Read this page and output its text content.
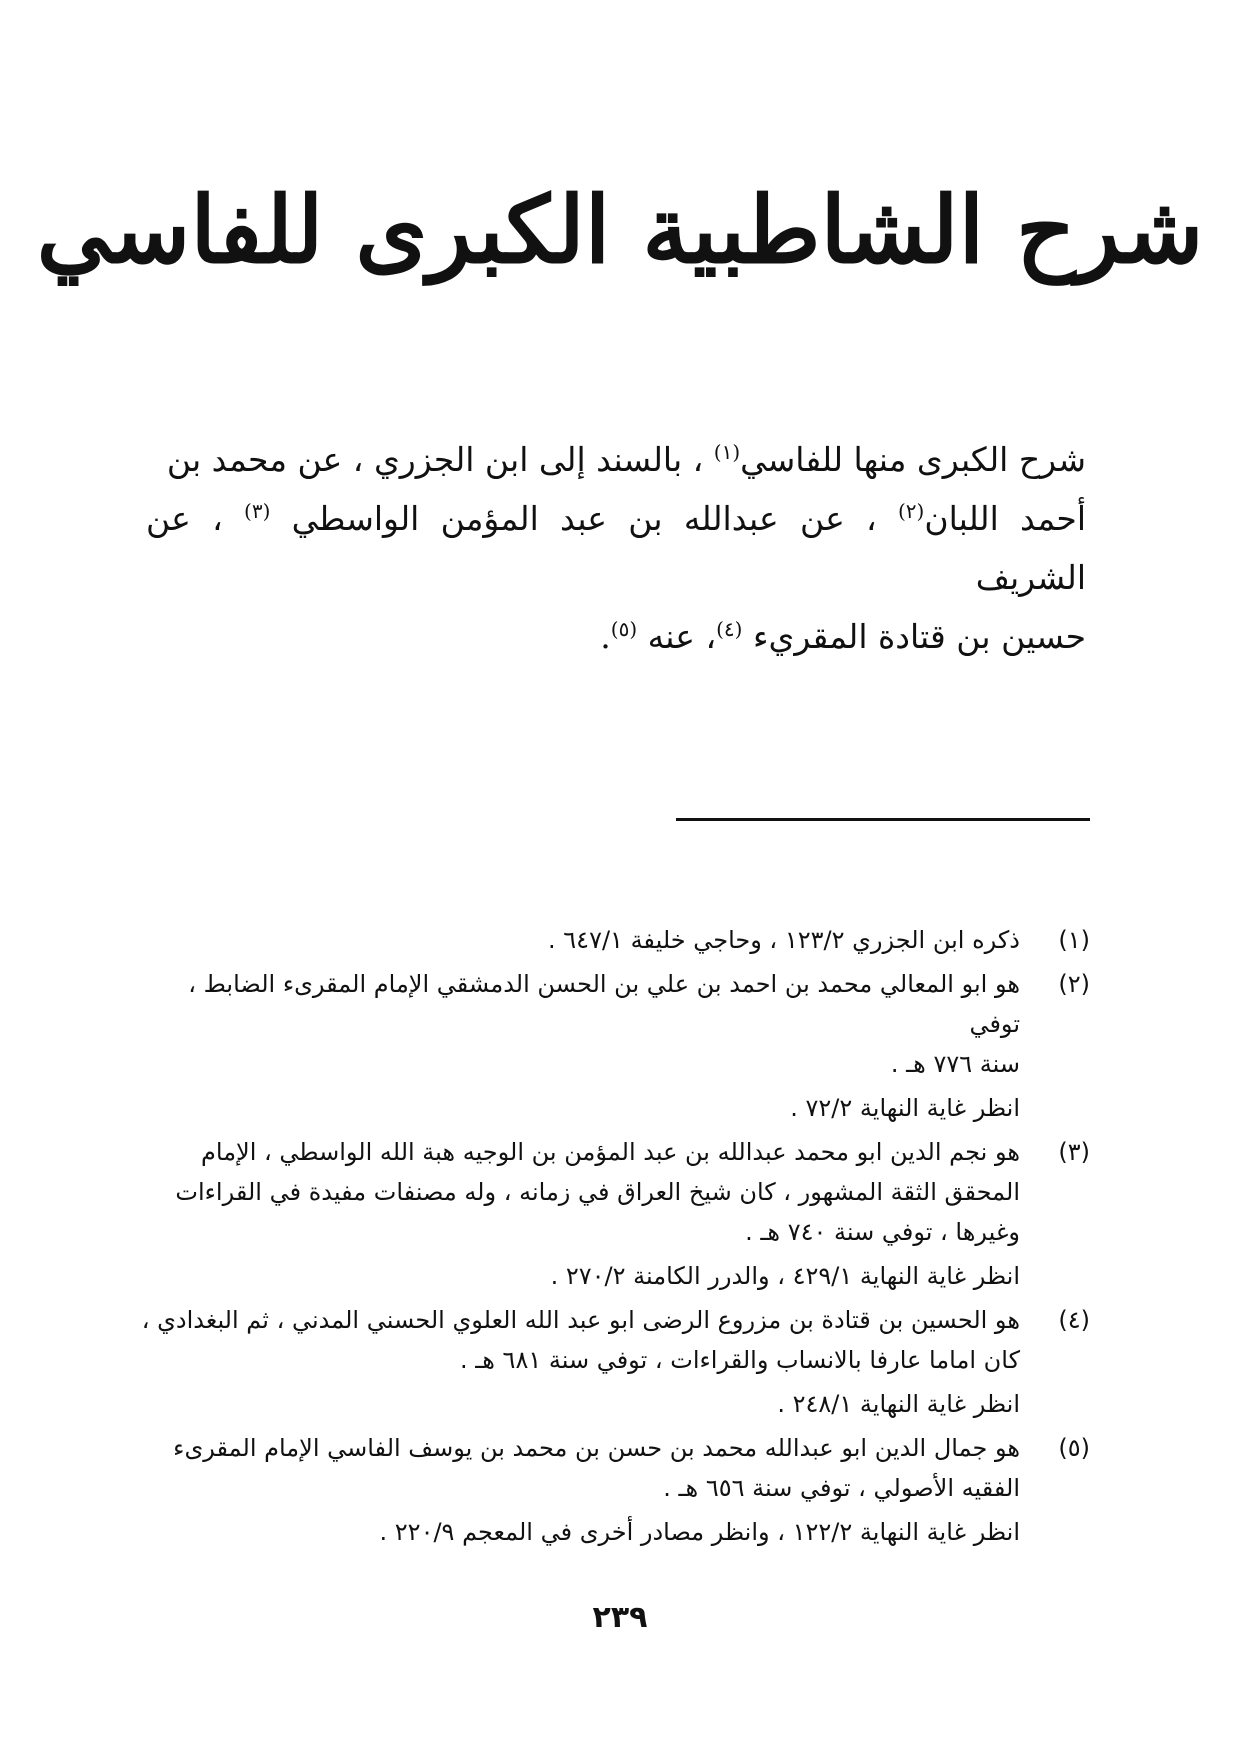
شرح الشاطبية الكبرى للفاسي

شرح الكبرى منها للفاسي$^{(١)}$ ، بالسند إلى ابن الجزري ، عن محمد بن
أحمد اللبان$^{(٢)}$ ، عن عبدالله بن عبد المؤمن الواسطي $^{(٣)}$ ، عن الشريف
حسين بن قتادة المقريء $^{(٤)}$، عنه $^{(٥)}$.

(١)
ذكره ابن الجزري ١٢٣/٢ ، وحاجي خليفة ٦٤٧/١ .
(٢)
هو ابو المعالي محمد بن احمد بن علي بن الحسن الدمشقي الإمام المقرىء الضابط ، توفي
سنة ٧٧٦ هـ .
انظر غاية النهاية ٧٢/٢ .
(٣)
هو نجم الدين ابو محمد عبدالله بن عبد المؤمن بن الوجيه هبة الله الواسطي ، الإمام
المحقق الثقة المشهور ، كان شيخ العراق في زمانه ، وله مصنفات مفيدة في القراءات
وغيرها ، توفي سنة ٧٤٠ هـ .
انظر غاية النهاية ٤٢٩/١ ، والدرر الكامنة ٢٧٠/٢ .
(٤)
هو الحسين بن قتادة بن مزروع الرضى ابو عبد الله العلوي الحسني المدني ، ثم البغدادي ،
كان اماما عارفا بالانساب والقراءات ، توفي سنة ٦٨١ هـ .
انظر غاية النهاية ٢٤٨/١ .
(٥)
هو جمال الدين ابو عبدالله محمد بن حسن بن محمد بن يوسف الفاسي الإمام المقرىء
الفقيه الأصولي ، توفي سنة ٦٥٦ هـ .
انظر غاية النهاية ١٢٢/٢ ، وانظر مصادر أخرى في المعجم ٢٢٠/٩ .
٢٣٩
